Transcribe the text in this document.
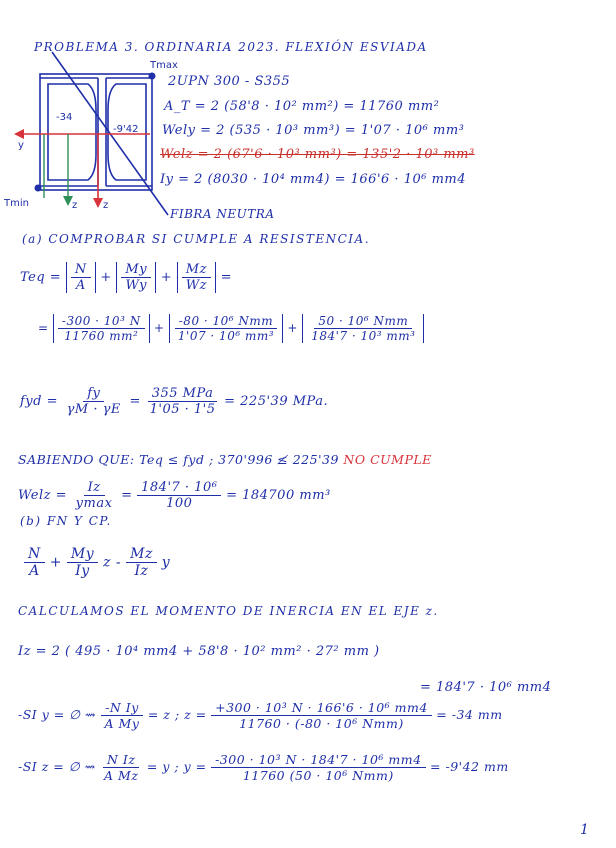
PROBLEMA 3. ORDINARIA 2023. FLEXIÓN ESVIADA
Tmax
Tmin
-34
-9'42
y
z	z
FIBRA NEUTRA
2UPN 300 - S355
A_T = 2 (58'8 · 10² mm²) = 11760 mm²
Wely = 2 (535 · 10³ mm³) = 1'07 · 10⁶ mm³
Welz = 2 (67'6 · 10³ mm³) = 135'2 · 10³ mm³
Iy = 2 (8030 · 10⁴ mm4) = 166'6 · 10⁶ mm4
(a) COMPROBAR SI CUMPLE A RESISTENCIA.
Teq = $\frac{N}{A} + \frac{My}{Wy} + \frac{Mz}{Wz}$ =
= $\frac{\text{-300 · 10³ N}}{\text{11760 mm²}} + \frac{\text{-80 · 10⁶ Nmm}}{\text{1'07 · 10⁶ mm³}} + \frac{\text{50 · 10⁶ Nmm}}{\text{184'7 · 10³ mm³}}$
fyd = $\frac{fy}{\gamma M \cdot \gamma E} = \frac{\text{355 MPa}}{1'05 \cdot 1'5} = 225'39$ MPa.
SABIENDO QUE: Teq ≤ fyd ; 370'996 ≰ 225'39 NO CUMPLE
Welz = $\frac{Iz}{ymax} = \frac{\text{184'7 · 10⁶}}{100} = 184700$ mm³
(b) FN Y CP.
$\frac{N}{A} + \frac{My}{Iy}$ z - $\frac{Mz}{Iz}$ y
CALCULAMOS EL MOMENTO DE INERCIA EN EL EJE z.
Iz = 2 ( 495 · 10⁴ mm4 + 58'8 · 10² mm² · 27² mm )
= 184'7 · 10⁶ mm4
-SI y = ∅ ⇝ $\frac{\text{-N Iy}}{\text{A My}} = z$ ; $z = \frac{\text{+300 · 10³ N · 166'6 · 10⁶ mm4}}{\text{11760 · (-80 · 10⁶ Nmm)}} = -34$ mm
-SI z = ∅ ⇝ $\frac{\text{N Iz}}{\text{A Mz}} = y$ ; $y = \frac{\text{-300 · 10³ N · 184'7 · 10⁶ mm4}}{\text{11760 (50 · 10⁶ Nmm)}} = -9'42$ mm
1
